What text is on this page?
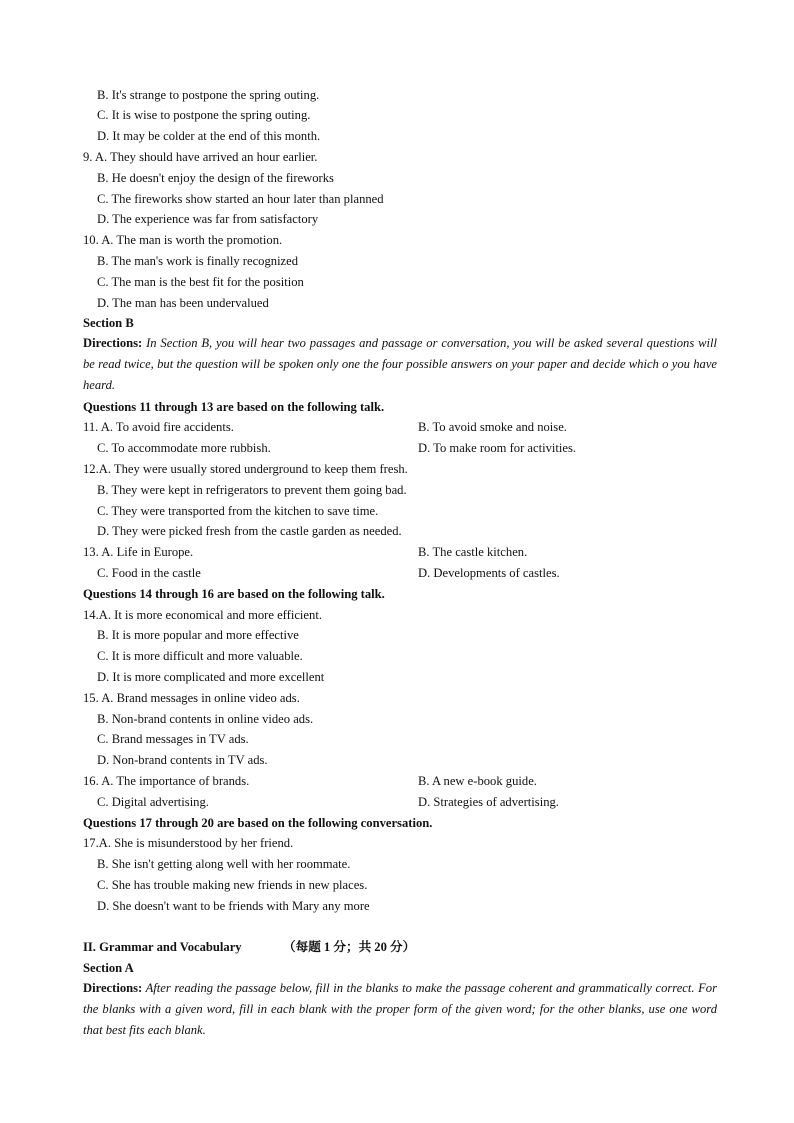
B. It's strange to postpone the spring outing.
C. It is wise to postpone the spring outing.
D. It may be colder at the end of this month.
9. A. They should have arrived an hour earlier.
B. He doesn't enjoy the design of the fireworks
C. The fireworks show started an hour later than planned
D. The experience was far from satisfactory
10. A. The man is worth the promotion.
B. The man's work is finally recognized
C. The man is the best fit for the position
D. The man has been undervalued
Section B
Directions: In Section B, you will hear two passages and passage or conversation, you will be asked several questions will be read twice, but the question will be spoken only one the four possible answers on your paper and decide which o you have heard.
Questions 11 through 13 are based on the following talk.
11. A. To avoid fire accidents.	B. To avoid smoke and noise.
C. To accommodate more rubbish.	D. To make room for activities.
12.A. They were usually stored underground to keep them fresh.
B. They were kept in refrigerators to prevent them going bad.
C. They were transported from the kitchen to save time.
D. They were picked fresh from the castle garden as needed.
13. A. Life in Europe.	B. The castle kitchen.
C. Food in the castle	D. Developments of castles.
Questions 14 through 16 are based on the following talk.
14.A. It is more economical and more efficient.
B. It is more popular and more effective
C. It is more difficult and more valuable.
D. It is more complicated and more excellent
15. A. Brand messages in online video ads.
B. Non-brand contents in online video ads.
C. Brand messages in TV ads.
D. Non-brand contents in TV ads.
16. A. The importance of brands.	B. A new e-book guide.
C. Digital advertising.	D. Strategies of advertising.
Questions 17 through 20 are based on the following conversation.
17.A. She is misunderstood by her friend.
B. She isn't getting along well with her roommate.
C. She has trouble making new friends in new places.
D. She doesn't want to be friends with Mary any more
II. Grammar and Vocabulary	（每题 1 分；共 20 分）
Section A
Directions: After reading the passage below, fill in the blanks to make the passage coherent and grammatically correct. For the blanks with a given word, fill in each blank with the proper form of the given word; for the other blanks, use one word that best fits each blank.
